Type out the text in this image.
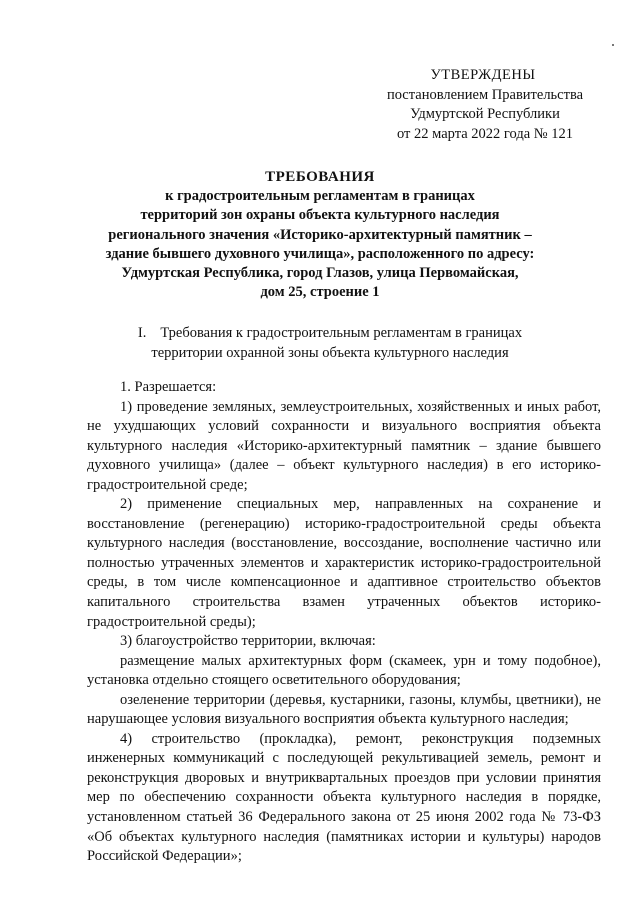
УТВЕРЖДЕНЫ
постановлением Правительства
Удмуртской Республики
от 22 марта 2022 года № 121
ТРЕБОВАНИЯ
к градостроительным регламентам в границах
территорий зон охраны объекта культурного наследия
регионального значения «Историко-архитектурный памятник –
здание бывшего духовного училища», расположенного по адресу:
Удмуртская Республика, город Глазов, улица Первомайская,
дом 25, строение 1
I. Требования к градостроительным регламентам в границах
территории охранной зоны объекта культурного наследия

1. Разрешается:

1) проведение земляных, землеустроительных, хозяйственных и иных работ, не ухудшающих условий сохранности и визуального восприятия объекта культурного наследия «Историко-архитектурный памятник – здание бывшего духовного училища» (далее – объект культурного наследия) в его историко-градостроительной среде;

2) применение специальных мер, направленных на сохранение и восстановление (регенерацию) историко-градостроительной среды объекта культурного наследия (восстановление, воссоздание, восполнение частично или полностью утраченных элементов и характеристик историко-градостроительной среды, в том числе компенсационное и адаптивное строительство объектов капитального строительства взамен утраченных объектов историко-градостроительной среды);

3) благоустройство территории, включая:

размещение малых архитектурных форм (скамеек, урн и тому подобное), установка отдельно стоящего осветительного оборудования;

озеленение территории (деревья, кустарники, газоны, клумбы, цветники), не нарушающее условия визуального восприятия объекта культурного наследия;

4) строительство (прокладка), ремонт, реконструкция подземных инженерных коммуникаций с последующей рекультивацией земель, ремонт и реконструкция дворовых и внутриквартальных проездов при условии принятия мер по обеспечению сохранности объекта культурного наследия в порядке, установленном статьей 36 Федерального закона от 25 июня 2002 года № 73-ФЗ «Об объектах культурного наследия (памятниках истории и культуры) народов Российской Федерации»;
